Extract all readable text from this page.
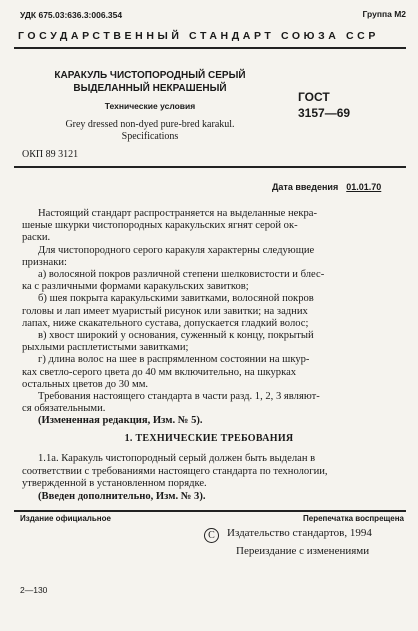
УДК 675.03:636.3:006.354	Группа М2
ГОСУДАРСТВЕННЫЙ СТАНДАРТ СОЮЗА ССР
КАРАКУЛЬ ЧИСТОПОРОДНЫЙ СЕРЫЙ
ВЫДЕЛАННЫЙ НЕКРАШЕНЫЙ
Технические условия
Grey dressed non-dyed pure-bred karakul.
Specifications
ГОСТ
3157—69
ОКП 89 3121
Дата введения 01.01.70
Настоящий стандарт распространяется на выделанные некра-
шеные шкурки чистопородных каракульских ягнят серой ок-
раски.
Для чистопородного серого каракуля характерны следующие
признаки:
а) волосяной покров различной степени шелковистости и блес-
ка с различными формами каракульских завитков;
б) шея покрыта каракульскими завитками, волосяной покров
головы и лап имеет муаристый рисунок или завитки; на задних
лапах, ниже скакательного сустава, допускается гладкий волос;
в) хвост широкий у основания, суженный к концу, покрытый
рыхлыми расплетистыми завитками;
г) длина волос на шее в распрямленном состоянии на шкур-
ках светло-серого цвета до 40 мм включительно, на шкурках
остальных цветов до 30 мм.
Требования настоящего стандарта в части разд. 1, 2, 3 являют-
ся обязательными.
(Измененная редакция, Изм. № 5).
1. ТЕХНИЧЕСКИЕ ТРЕБОВАНИЯ
1.1а. Каракуль чистопородный серый должен быть выделан в
соответствии с требованиями настоящего стандарта по технологии,
утвержденной в установленном порядке.
(Введен дополнительно, Изм. № 3).
Издание официальное	Перепечатка воспрещена
C Издательство стандартов, 1994
Переиздание с изменениями
2—130
